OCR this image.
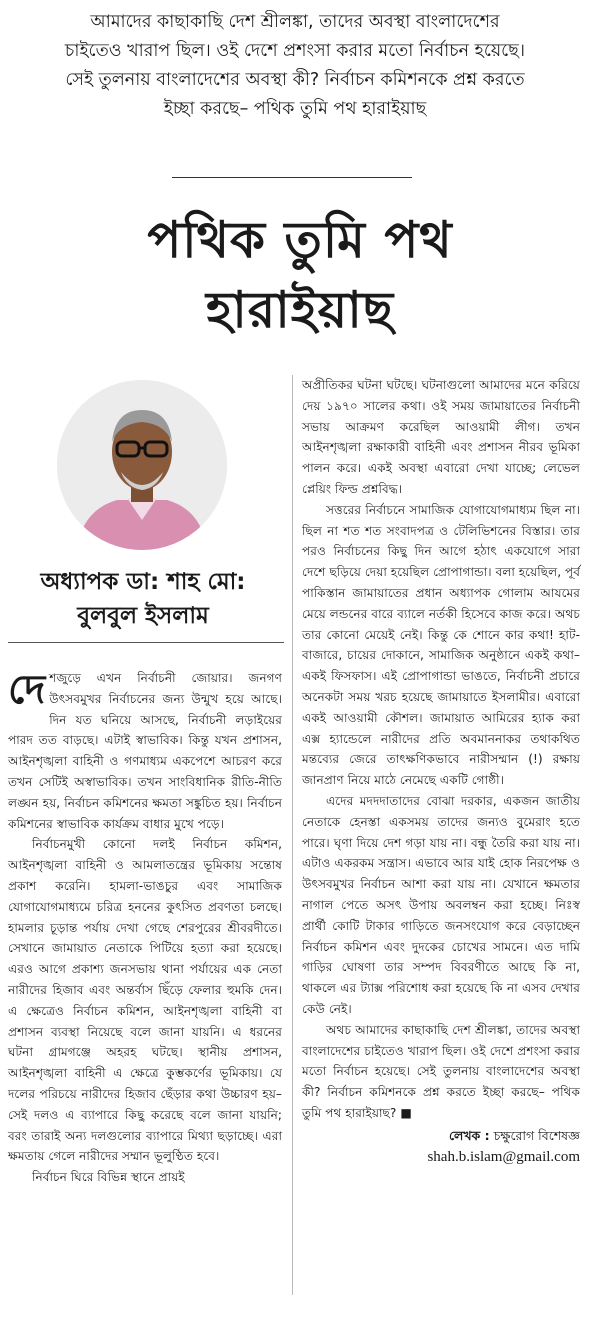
আমাদের কাছাকাছি দেশ শ্রীলঙ্কা, তাদের অবস্থা বাংলাদেশের চাইতেও খারাপ ছিল। ওই দেশে প্রশংসা করার মতো নির্বাচন হয়েছে। সেই তুলনায় বাংলাদেশের অবস্থা কী? নির্বাচন কমিশনকে প্রশ্ন করতে ইচ্ছা করছে– পথিক তুমি পথ হারাইয়াছ
পথিক তুমি পথ
হারাইয়াছ
অধ্যাপক ডা: শাহ মো: বুলবুল ইসলাম

দেশজুড়ে এখন নির্বাচনী জোয়ার। জনগণ উৎসবমুখর নির্বাচনের জন্য উন্মুখ হয়ে আছে। দিন যত ঘনিয়ে আসছে, নির্বাচনী লড়াইয়ের পারদ তত বাড়ছে। এটাই স্বাভাবিক। কিন্তু যখন প্রশাসন, আইনশৃঙ্খলা বাহিনী ও গণমাধ্যম একপেশে আচরণ করে তখন সেটিই অস্বাভাবিক। তখন সাংবিধানিক রীতি-নীতি লঙ্ঘন হয়, নির্বাচন কমিশনের ক্ষমতা সঙ্কুচিত হয়। নির্বাচন কমিশনের স্বাভাবিক কার্যক্রম বাধার মুখে পড়ে।

নির্বাচনমুখী কোনো দলই নির্বাচন কমিশন, আইনশৃঙ্খলা বাহিনী ও আমলাতন্ত্রের ভূমিকায় সন্তোষ প্রকাশ করেনি। হামলা-ভাঙচুর এবং সামাজিক যোগাযোগমাধ্যমে চরিত্র হননের কুৎসিত প্রবণতা চলছে। হামলার চূড়ান্ত পর্যায় দেখা গেছে শেরপুরের শ্রীবরদীতে। সেখানে জামায়াত নেতাকে পিটিয়ে হত্যা করা হয়েছে। এরও আগে প্রকাশ্য জনসভায় থানা পর্যায়ের এক নেতা নারীদের হিজাব এবং অন্তর্বাস ছিঁড়ে ফেলার হুমকি দেন। এ ক্ষেত্রেও নির্বাচন কমিশন, আইনশৃঙ্খলা বাহিনী বা প্রশাসন ব্যবস্থা নিয়েছে বলে জানা যায়নি। এ ধরনের ঘটনা গ্রামগঞ্জে অহরহ ঘটছে। স্থানীয় প্রশাসন, আইনশৃঙ্খলা বাহিনী এ ক্ষেত্রে কুম্ভকর্ণের ভূমিকায়। যে দলের পরিচয়ে নারীদের হিজাব ছেঁড়ার কথা উচ্চারণ হয়– সেই দলও এ ব্যাপারে কিছু করেছে বলে জানা যায়নি; বরং তারাই অন্য দলগুলোর ব্যাপারে মিথ্যা ছড়াচ্ছে। এরা ক্ষমতায় গেলে নারীদের সম্মান ভূলুণ্ঠিত হবে।

নির্বাচন ঘিরে বিভিন্ন স্থানে প্রায়ই

অপ্রীতিকর ঘটনা ঘটছে। ঘটনাগুলো আমাদের মনে করিয়ে দেয় ১৯৭০ সালের কথা। ওই সময় জামায়াতের নির্বাচনী সভায় আক্রমণ করেছিল আওয়ামী লীগ। তখন আইনশৃঙ্খলা রক্ষাকারী বাহিনী এবং প্রশাসন নীরব ভূমিকা পালন করে। একই অবস্থা এবারো দেখা যাচ্ছে; লেভেল প্লেয়িং ফিল্ড প্রশ্নবিদ্ধ।

সত্তরের নির্বাচনে সামাজিক যোগাযোগমাধ্যম ছিল না। ছিল না শত শত সংবাদপত্র ও টেলিভিশনের বিস্তার। তার পরও নির্বাচনের কিছু দিন আগে হঠাৎ একযোগে সারা দেশে ছড়িয়ে দেয়া হয়েছিল প্রোপাগান্ডা। বলা হয়েছিল, পূর্ব পাকিস্তান জামায়াতের প্রধান অধ্যাপক গোলাম আযমের মেয়ে লন্ডনের বারে ব্যালে নর্তকী হিসেবে কাজ করে। অথচ তার কোনো মেয়েই নেই। কিন্তু কে শোনে কার কথা! হাট-বাজারে, চায়ের দোকানে, সামাজিক অনুষ্ঠানে একই কথা– একই ফিসফাস। এই প্রোপাগান্ডা ভাঙতে, নির্বাচনী প্রচারে অনেকটা সময় খরচ হয়েছে জামায়াতে ইসলামীর। এবারো একই আওয়ামী কৌশল। জামায়াত আমিরের হ্যাক করা এক্স হ্যান্ডেলে নারীদের প্রতি অবমাননাকর তথাকথিত মন্তব্যের জেরে তাৎক্ষণিকভাবে নারীসম্মান (!) রক্ষায় জানপ্রাণ নিয়ে মাঠে নেমেছে একটি গোষ্ঠী।

এদের মদদদাতাদের বোঝা দরকার, একজন জাতীয় নেতাকে হেনস্তা একসময় তাদের জন্যও বুমেরাং হতে পারে। ঘৃণা দিয়ে দেশ গড়া যায় না। বন্ধু তৈরি করা যায় না। এটাও একরকম সন্ত্রাস। এভাবে আর যাই হোক নিরপেক্ষ ও উৎসবমুখর নির্বাচন আশা করা যায় না। যেখানে ক্ষমতার নাগাল পেতে অসৎ উপায় অবলম্বন করা হচ্ছে। নিঃস্ব প্রার্থী কোটি টাকার গাড়িতে জনসংযোগ করে বেড়াচ্ছেন নির্বাচন কমিশন এবং দুদকের চোখের সামনে। এত দামি গাড়ির ঘোষণা তার সম্পদ বিবরণীতে আছে কি না, থাকলে এর ট্যাক্স পরিশোধ করা হয়েছে কি না এসব দেখার কেউ নেই।

অথচ আমাদের কাছাকাছি দেশ শ্রীলঙ্কা, তাদের অবস্থা বাংলাদেশের চাইতেও খারাপ ছিল। ওই দেশে প্রশংসা করার মতো নির্বাচন হয়েছে। সেই তুলনায় বাংলাদেশের অবস্থা কী? নির্বাচন কমিশনকে প্রশ্ন করতে ইচ্ছা করছে– পথিক তুমি পথ হারাইয়াছ? ■

লেখক : চক্ষুরোগ বিশেষজ্ঞ
shah.b.islam@gmail.com
